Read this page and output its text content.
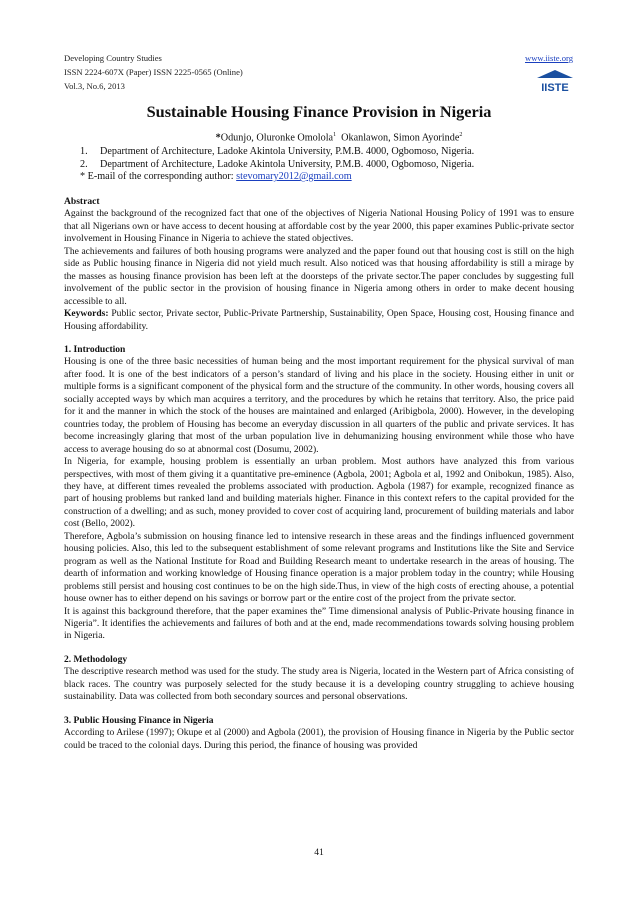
Developing Country Studies
ISSN 2224-607X (Paper) ISSN 2225-0565 (Online)
Vol.3, No.6, 2013
www.iiste.org
IISTE
Sustainable Housing Finance Provision in Nigeria
*Odunjo, Oluronke Omolola$^1$ Okanlawon, Simon Ayorinde$^2$
1. Department of Architecture, Ladoke Akintola University, P.M.B. 4000, Ogbomoso, Nigeria.
2. Department of Architecture, Ladoke Akintola University, P.M.B. 4000, Ogbomoso, Nigeria.
* E-mail of the corresponding author: stevomary2012@gmail.com

Abstract

Against the background of the recognized fact that one of the objectives of Nigeria National Housing Policy of 1991 was to ensure that all Nigerians own or have access to decent housing at affordable cost by the year 2000, this paper examines Public-private sector involvement in Housing Finance in Nigeria to achieve the stated objectives.

The achievements and failures of both housing programs were analyzed and the paper found out that housing cost is still on the high side as Public housing finance in Nigeria did not yield much result. Also noticed was that housing affordability is still a mirage by the masses as housing finance provision has been left at the doorsteps of the private sector.The paper concludes by suggesting full involvement of the public sector in the provision of housing finance in Nigeria among others in order to make decent housing accessible to all.

Keywords: Public sector, Private sector, Public-Private Partnership, Sustainability, Open Space, Housing cost, Housing finance and Housing affordability.

1. Introduction

Housing is one of the three basic necessities of human being and the most important requirement for the physical survival of man after food. It is one of the best indicators of a person’s standard of living and his place in the society. Housing either in unit or multiple forms is a significant component of the physical form and the structure of the community. In other words, housing covers all socially accepted ways by which man acquires a territory, and the procedures by which he retains that territory. Also, the price paid for it and the manner in which the stock of the houses are maintained and enlarged (Aribigbola, 2000). However, in the developing countries today, the problem of Housing has become an everyday discussion in all quarters of the public and private services. It has become increasingly glaring that most of the urban population live in dehumanizing housing environment while those who have access to average housing do so at abnormal cost (Dosumu, 2002).

In Nigeria, for example, housing problem is essentially an urban problem. Most authors have analyzed this from various perspectives, with most of them giving it a quantitative pre-eminence (Agbola, 2001; Agbola et al, 1992 and Onibokun, 1985). Also, they have, at different times revealed the problems associated with production. Agbola (1987) for example, recognized finance as part of housing problems but ranked land and building materials higher. Finance in this context refers to the capital provided for the construction of a dwelling; and as such, money provided to cover cost of acquiring land, procurement of building materials and labor cost (Bello, 2002).

Therefore, Agbola’s submission on housing finance led to intensive research in these areas and the findings influenced government housing policies. Also, this led to the subsequent establishment of some relevant programs and Institutions like the Site and Service program as well as the National Institute for Road and Building Research meant to undertake research in the areas of housing. The dearth of information and working knowledge of Housing finance operation is a major problem today in the country; while Housing problems still persist and housing cost continues to be on the high side.Thus, in view of the high costs of erecting ahouse, a potential house owner has to either depend on his savings or borrow part or the entire cost of the project from the private sector.

It is against this background therefore, that the paper examines the” Time dimensional analysis of Public-Private housing finance in Nigeria”. It identifies the achievements and failures of both and at the end, made recommendations towards solving housing problem in Nigeria.

2. Methodology

The descriptive research method was used for the study. The study area is Nigeria, located in the Western part of Africa consisting of black races. The country was purposely selected for the study because it is a developing country struggling to achieve housing sustainability. Data was collected from both secondary sources and personal observations.

3. Public Housing Finance in Nigeria

According to Arilese (1997); Okupe et al (2000) and Agbola (2001), the provision of Housing finance in Nigeria by the Public sector could be traced to the colonial days. During this period, the finance of housing was provided

41
